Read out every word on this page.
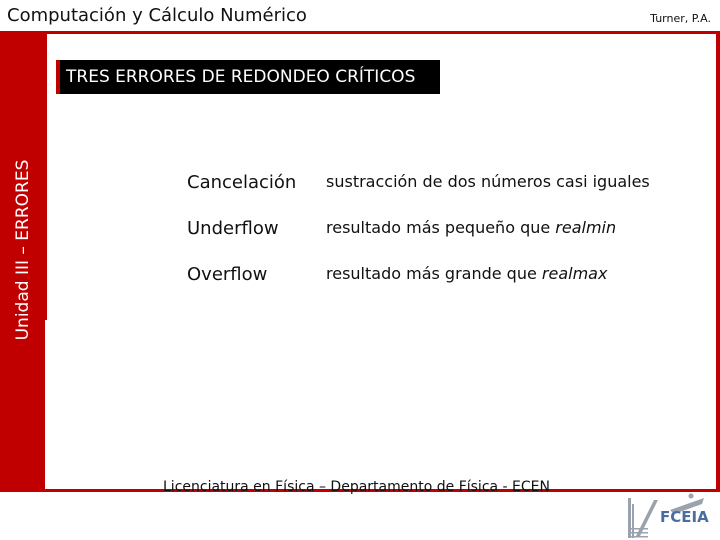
Computación y Cálculo Numérico	Turner, P.A.
Unidad III – ERRORES
TRES ERRORES DE REDONDEO CRÍTICOS
Cancelación sustracción de dos números casi iguales
Underflow	resultado más pequeño que realmin
Overflow	resultado más grande que realmax
Licenciatura en Física – Departamento de Física - ECEN
FCEIA
